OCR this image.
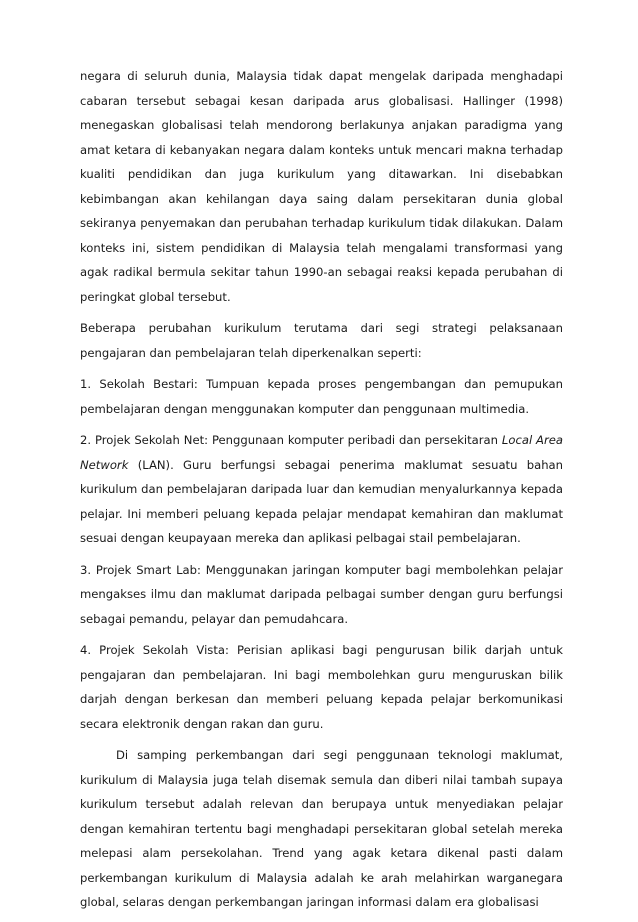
negara di seluruh dunia, Malaysia tidak dapat mengelak daripada menghadapi cabaran tersebut sebagai kesan daripada arus globalisasi. Hallinger (1998) menegaskan globalisasi telah mendorong berlakunya anjakan paradigma yang amat ketara di kebanyakan negara dalam konteks untuk mencari makna terhadap kualiti pendidikan dan juga kurikulum yang ditawarkan. Ini disebabkan kebimbangan akan kehilangan daya saing dalam persekitaran dunia global sekiranya penyemakan dan perubahan terhadap kurikulum tidak dilakukan. Dalam konteks ini, sistem pendidikan di Malaysia telah mengalami transformasi yang agak radikal bermula sekitar tahun 1990-an sebagai reaksi kepada perubahan di peringkat global tersebut.

Beberapa perubahan kurikulum terutama dari segi strategi pelaksanaan pengajaran dan pembelajaran telah diperkenalkan seperti:

1. Sekolah Bestari: Tumpuan kepada proses pengembangan dan pemupukan pembelajaran dengan menggunakan komputer dan penggunaan multimedia.

2. Projek Sekolah Net: Penggunaan komputer peribadi dan persekitaran Local Area Network (LAN). Guru berfungsi sebagai penerima maklumat sesuatu bahan kurikulum dan pembelajaran daripada luar dan kemudian menyalurkannya kepada pelajar. Ini memberi peluang kepada pelajar mendapat kemahiran dan maklumat sesuai dengan keupayaan mereka dan aplikasi pelbagai stail pembelajaran.

3. Projek Smart Lab: Menggunakan jaringan komputer bagi membolehkan pelajar mengakses ilmu dan maklumat daripada pelbagai sumber dengan guru berfungsi sebagai pemandu, pelayar dan pemudahcara.

4. Projek Sekolah Vista: Perisian aplikasi bagi pengurusan bilik darjah untuk pengajaran dan pembelajaran. Ini bagi membolehkan guru menguruskan bilik darjah dengan berkesan dan memberi peluang kepada pelajar berkomunikasi secara elektronik dengan rakan dan guru.

Di samping perkembangan dari segi penggunaan teknologi maklumat, kurikulum di Malaysia juga telah disemak semula dan diberi nilai tambah supaya kurikulum tersebut adalah relevan dan berupaya untuk menyediakan pelajar dengan kemahiran tertentu bagi menghadapi persekitaran global setelah mereka melepasi alam persekolahan. Trend yang agak ketara dikenal pasti dalam perkembangan kurikulum di Malaysia adalah ke arah melahirkan warganegara global, selaras dengan perkembangan jaringan informasi dalam era globalisasi
